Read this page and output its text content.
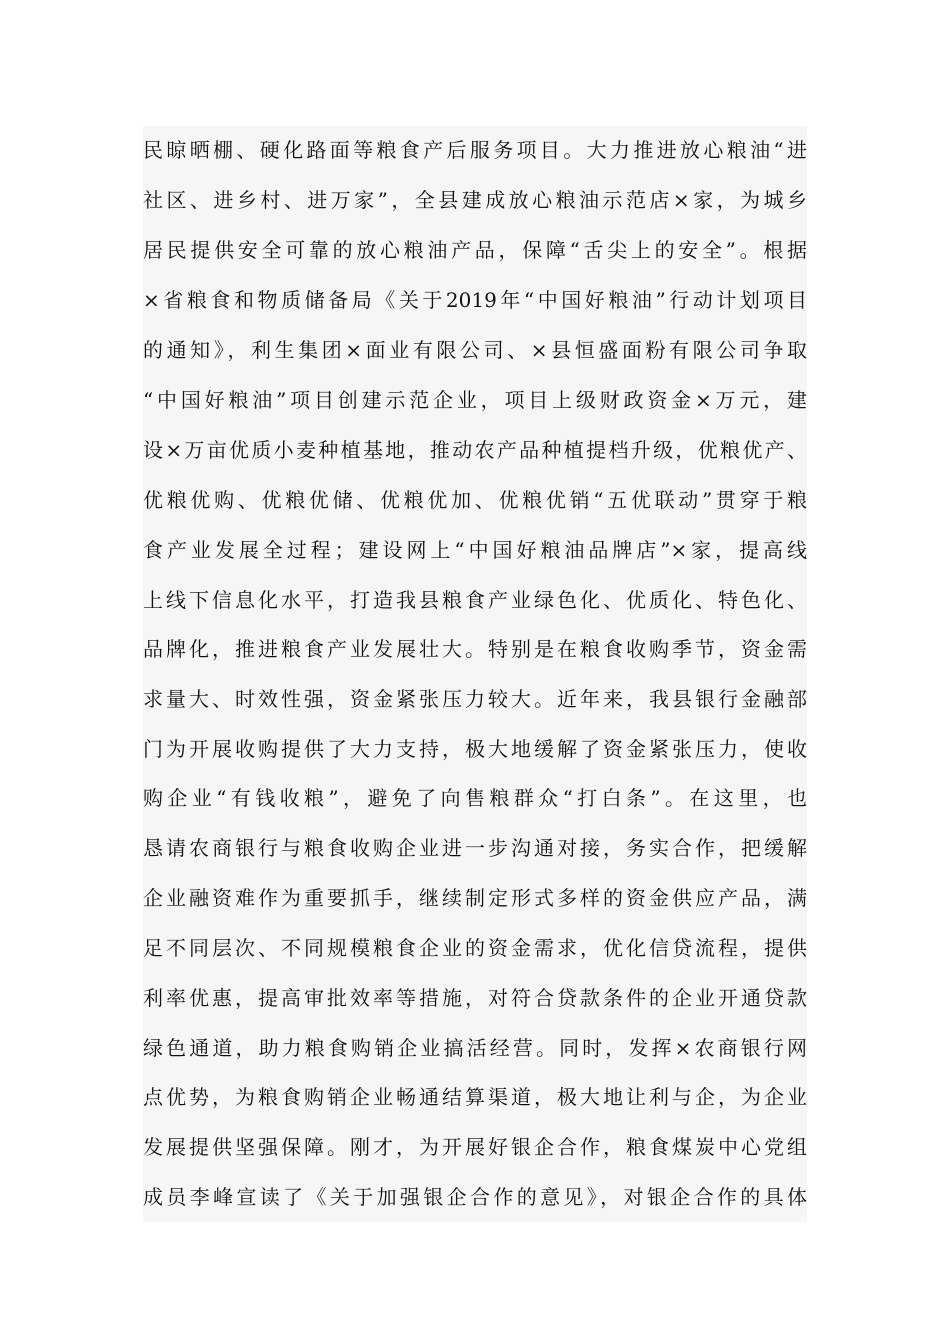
民晾晒棚、硬化路面等粮食产后服务项目。大力推进放心粮油“进
社区、进乡村、进万家”，全县建成放心粮油示范店×家，为城乡
居民提供安全可靠的放心粮油产品，保障“舌尖上的安全”。根据
×省粮食和物质储备局《关于2019年“中国好粮油”行动计划项目
的通知》，利生集团×面业有限公司、×县恒盛面粉有限公司争取
“中国好粮油”项目创建示范企业，项目上级财政资金×万元，建
设×万亩优质小麦种植基地，推动农产品种植提档升级，优粮优产、
优粮优购、优粮优储、优粮优加、优粮优销“五优联动”贯穿于粮
食产业发展全过程；建设网上“中国好粮油品牌店”×家，提高线
上线下信息化水平，打造我县粮食产业绿色化、优质化、特色化、
品牌化，推进粮食产业发展壮大。特别是在粮食收购季节，资金需
求量大、时效性强，资金紧张压力较大。近年来，我县银行金融部
门为开展收购提供了大力支持，极大地缓解了资金紧张压力，使收
购企业“有钱收粮”，避免了向售粮群众“打白条”。在这里，也
恳请农商银行与粮食收购企业进一步沟通对接，务实合作，把缓解
企业融资难作为重要抓手，继续制定形式多样的资金供应产品，满
足不同层次、不同规模粮食企业的资金需求，优化信贷流程，提供
利率优惠，提高审批效率等措施，对符合贷款条件的企业开通贷款
绿色通道，助力粮食购销企业搞活经营。同时，发挥×农商银行网
点优势，为粮食购销企业畅通结算渠道，极大地让利与企，为企业
发展提供坚强保障。刚才，为开展好银企合作，粮食煤炭中心党组
成员李峰宣读了《关于加强银企合作的意见》，对银企合作的具体
